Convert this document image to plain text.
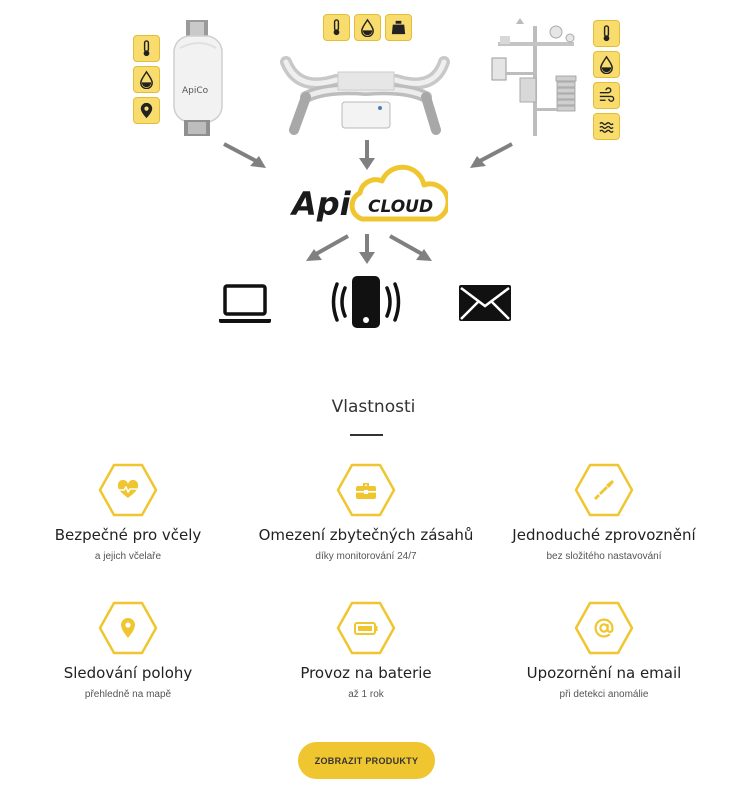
ApiCo
Api CLOUD
Vlastnosti
Bezpečné pro včely
a jejich včelaře
Omezení zbytečných zásahů
díky monitorování 24/7
Jednoduché zprovoznění
bez složitého nastavování
Sledování polohy
přehledně na mapě
Provoz na baterie
až 1 rok
Upozornění na email
při detekci anomálie
ZOBRAZIT PRODUKTY
